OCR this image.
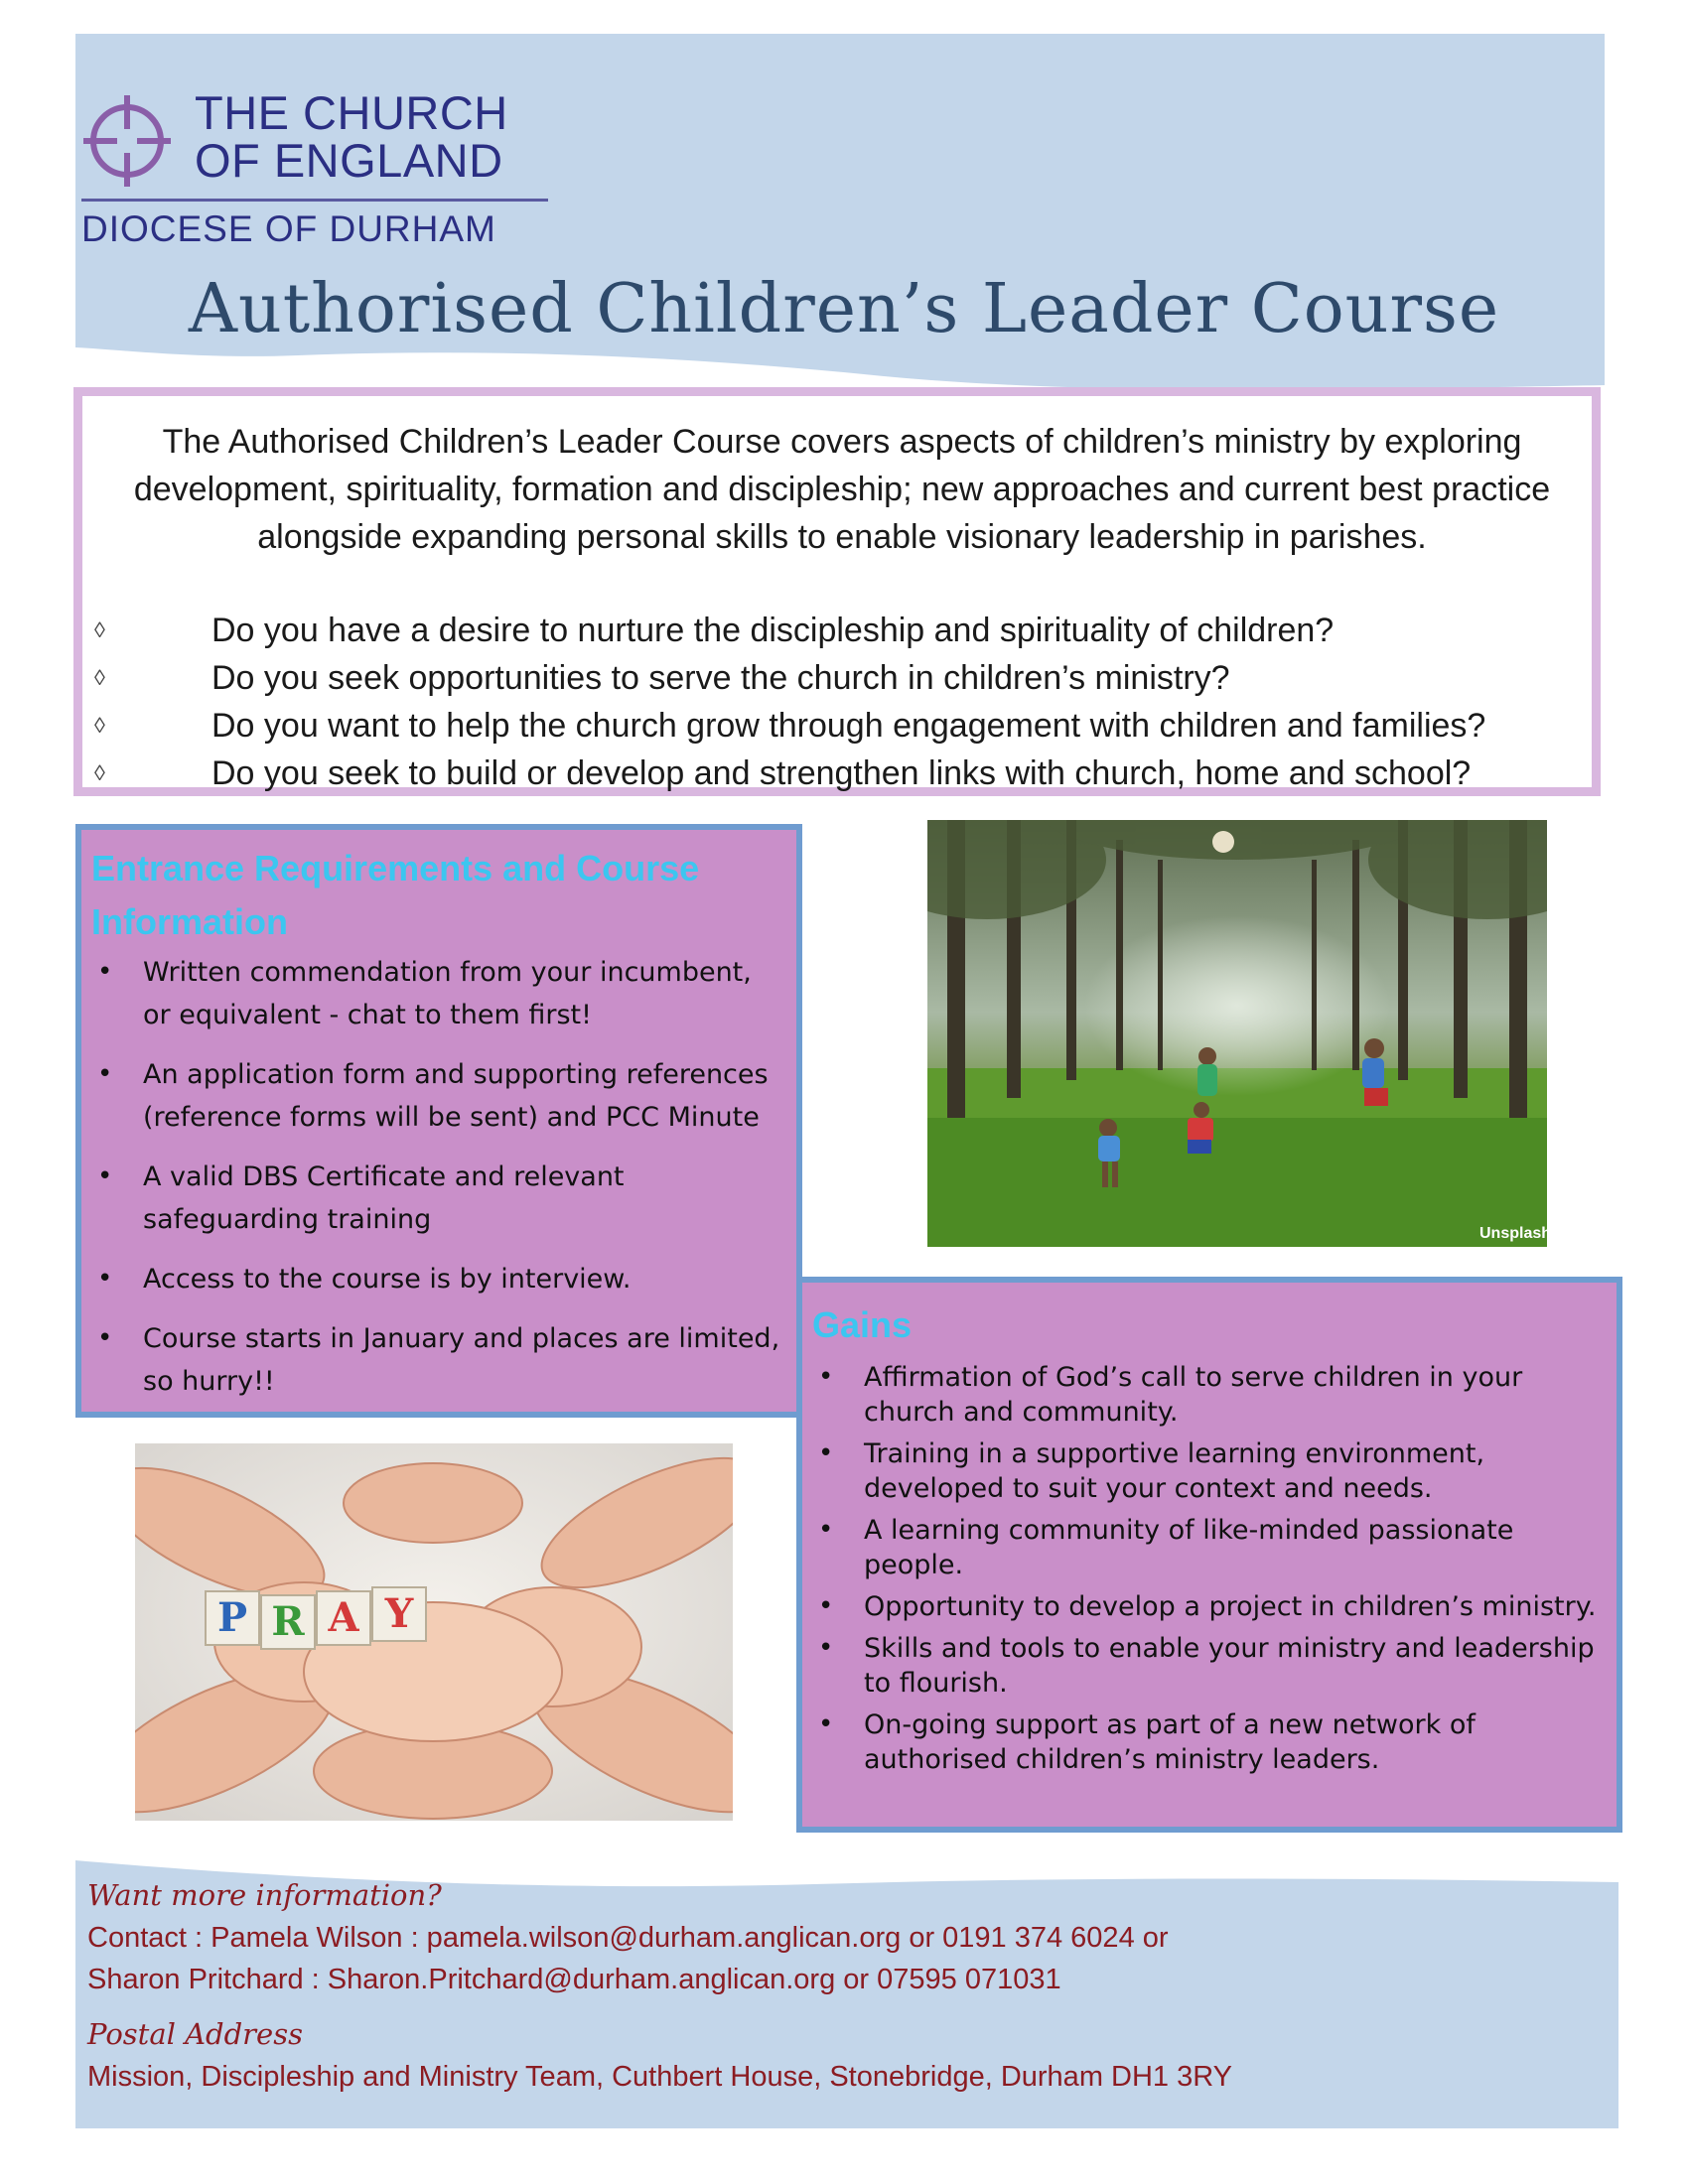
THE CHURCH
OF ENGLAND
DIOCESE OF DURHAM
Authorised Children’s Leader Course

The Authorised Children’s Leader Course covers aspects of children’s ministry by exploring development, spirituality, formation and discipleship; new approaches and current best practice alongside expanding personal skills to enable visionary leadership in parishes.

◊	Do you have a desire to nurture the discipleship and spirituality of children?
◊	Do you seek opportunities to serve the church in children’s ministry?
◊	Do you want to help the church grow through engagement with children and families?
◊	Do you seek to build or develop and strengthen links with church, home and school?
Entrance Requirements and Course Information
• Written commendation from your incumbent, or equivalent - chat to them first!
• An application form and supporting references (reference forms will be sent) and PCC Minute
• A valid DBS Certificate and relevant safeguarding training
• Access to the course is by interview.
• Course starts in January and places are limited, so hurry!!
Unsplash
Gains
• Affirmation of God’s call to serve children in your church and community.
• Training in a supportive learning environment, developed to suit your context and needs.
• A learning community of like-minded passionate people.
• Opportunity to develop a project in children’s ministry.
• Skills and tools to enable your ministry and leadership to flourish.
• On-going support as part of a new network of authorised children’s ministry leaders.
P R A Y
Want more information?

Contact : Pamela Wilson : pamela.wilson@durham.anglican.org or 0191 374 6024 or

Sharon Pritchard : Sharon.Pritchard@durham.anglican.org or 07595 071031

Postal Address

Mission, Discipleship and Ministry Team, Cuthbert House, Stonebridge, Durham DH1 3RY
